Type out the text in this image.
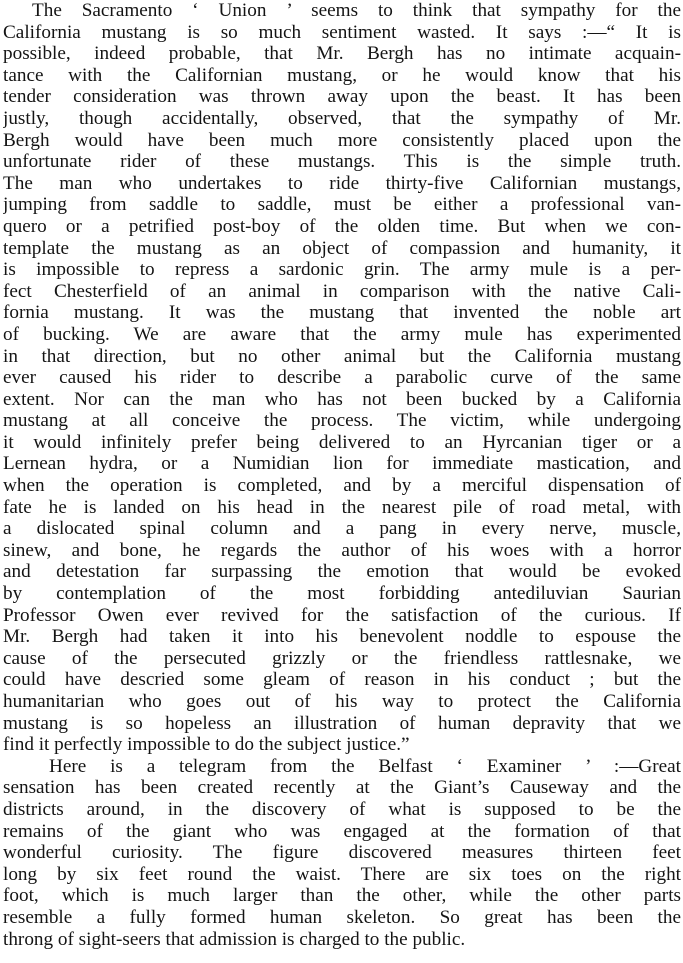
The Sacramento ‘ Union ’ seems to think that sympathy for the
California mustang is so much sentiment wasted. It says :—“ It is
possible, indeed probable, that Mr. Bergh has no intimate acquain-
tance with the Californian mustang, or he would know that his
tender consideration was thrown away upon the beast. It has been
justly, though accidentally, observed, that the sympathy of Mr.
Bergh would have been much more consistently placed upon the
unfortunate rider of these mustangs. This is the simple truth.
The man who undertakes to ride thirty-five Californian mustangs,
jumping from saddle to saddle, must be either a professional van-
quero or a petrified post-boy of the olden time. But when we con-
template the mustang as an object of compassion and humanity, it
is impossible to repress a sardonic grin. The army mule is a per-
fect Chesterfield of an animal in comparison with the native Cali-
fornia mustang. It was the mustang that invented the noble art
of bucking. We are aware that the army mule has experimented
in that direction, but no other animal but the California mustang
ever caused his rider to describe a parabolic curve of the same
extent. Nor can the man who has not been bucked by a California
mustang at all conceive the process. The victim, while undergoing
it would infinitely prefer being delivered to an Hyrcanian tiger or a
Lernean hydra, or a Numidian lion for immediate mastication, and
when the operation is completed, and by a merciful dispensation of
fate he is landed on his head in the nearest pile of road metal, with
a dislocated spinal column and a pang in every nerve, muscle,
sinew, and bone, he regards the author of his woes with a horror
and detestation far surpassing the emotion that would be evoked
by contemplation of the most forbidding antediluvian Saurian
Professor Owen ever revived for the satisfaction of the curious. If
Mr. Bergh had taken it into his benevolent noddle to espouse the
cause of the persecuted grizzly or the friendless rattlesnake, we
could have descried some gleam of reason in his conduct ; but the
humanitarian who goes out of his way to protect the California
mustang is so hopeless an illustration of human depravity that we
find it perfectly impossible to do the subject justice.”
Here is a telegram from the Belfast ‘ Examiner ’ :—Great
sensation has been created recently at the Giant’s Causeway and the
districts around, in the discovery of what is supposed to be the
remains of the giant who was engaged at the formation of that
wonderful curiosity. The figure discovered measures thirteen feet
long by six feet round the waist. There are six toes on the right
foot, which is much larger than the other, while the other parts
resemble a fully formed human skeleton. So great has been the
throng of sight-seers that admission is charged to the public.
